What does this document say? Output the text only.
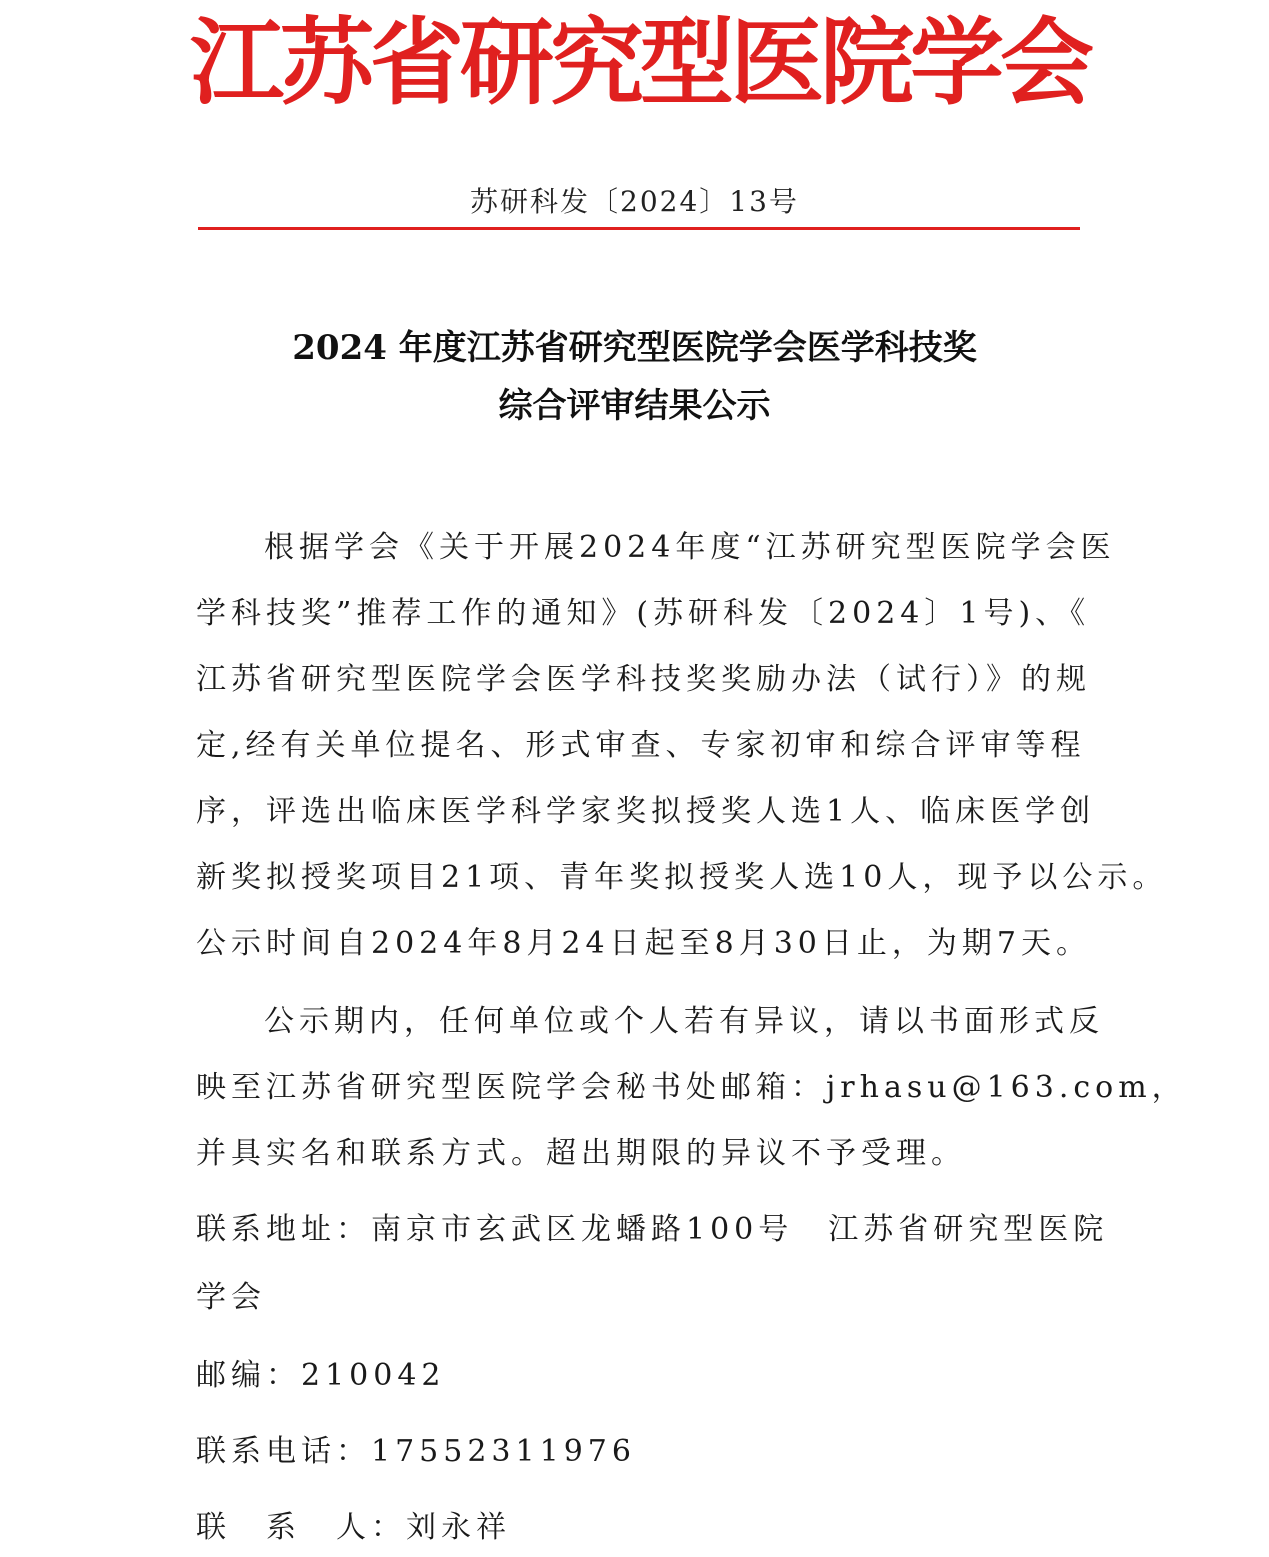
江苏省研究型医院学会
苏研科发〔2024〕13号
2024 年度江苏省研究型医院学会医学科技奖
综合评审结果公示
根据学会《关于开展2024年度“江苏研究型医院学会医
学科技奖”推荐工作的通知》(苏研科发〔2024〕1号)、《
江苏省研究型医院学会医学科技奖奖励办法（试行）》的规
定,经有关单位提名、形式审查、专家初审和综合评审等程
序，评选出临床医学科学家奖拟授奖人选1人、临床医学创
新奖拟授奖项目21项、青年奖拟授奖人选10人，现予以公示。
公示时间自2024年8月24日起至8月30日止，为期7天。
公示期内，任何单位或个人若有异议，请以书面形式反
映至江苏省研究型医院学会秘书处邮箱：jrhasu@163.com，
并具实名和联系方式。超出期限的异议不予受理。
联系地址：南京市玄武区龙蟠路100号　江苏省研究型医院
学会
邮编：210042
联系电话：17552311976
联　系　人：刘永祥
